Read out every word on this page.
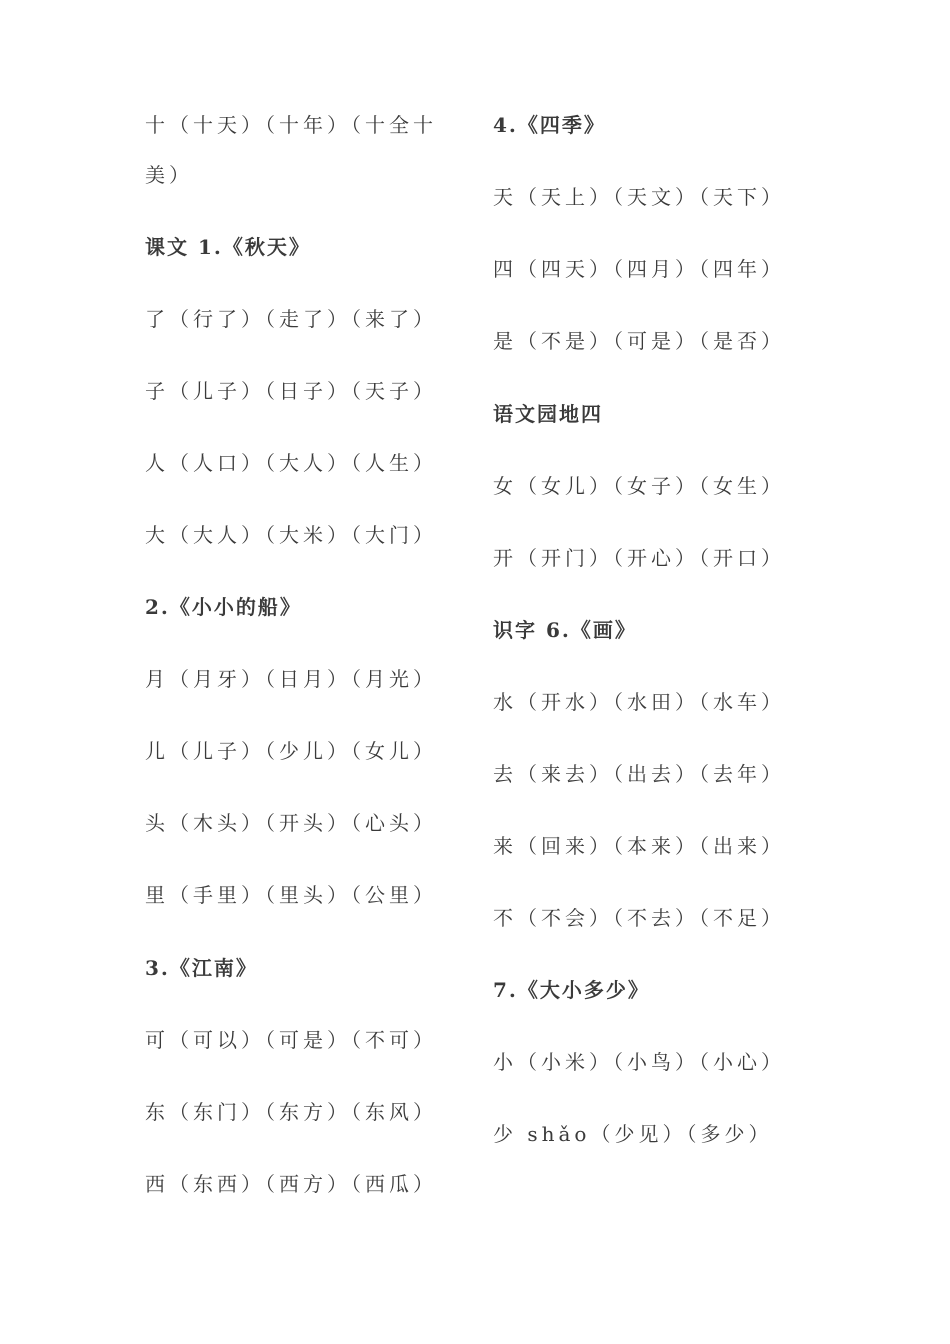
十（十天）（十年）（十全十
美）
课文 1.《秋天》
了（行了）（走了）（来了）
子（儿子）（日子）（天子）
人（人口）（大人）（人生）
大（大人）（大米）（大门）
2.《小小的船》
月（月牙）（日月）（月光）
儿（儿子）（少儿）（女儿）
头（木头）（开头）（心头）
里（手里）（里头）（公里）
3.《江南》
可（可以）（可是）（不可）
东（东门）（东方）（东风）
西（东西）（西方）（西瓜）
4.《四季》
天（天上）（天文）（天下）
四（四天）（四月）（四年）
是（不是）（可是）（是否）
语文园地四
女（女儿）（女子）（女生）
开（开门）（开心）（开口）
识字 6.《画》
水（开水）（水田）（水车）
去（来去）（出去）（去年）
来（回来）（本来）（出来）
不（不会）（不去）（不足）
7.《大小多少》
小（小米）（小鸟）（小心）
少 shǎo（少见）（多少）
